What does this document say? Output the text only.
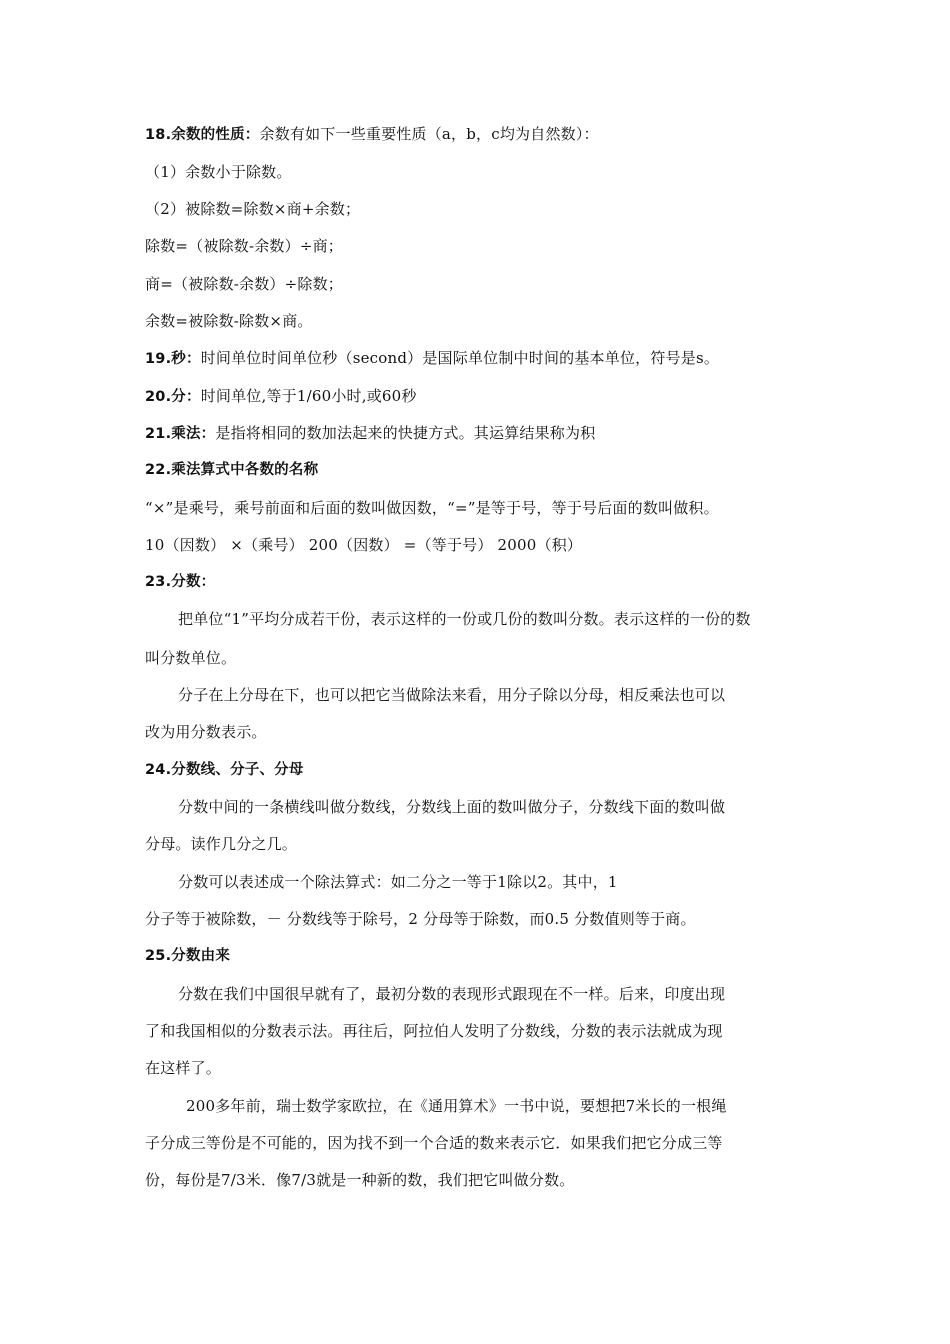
18.余数的性质：余数有如下一些重要性质（a，b，c均为自然数）：
（1）余数小于除数。
（2）被除数=除数×商+余数；
除数=（被除数-余数）÷商；
商=（被除数-余数）÷除数；
余数=被除数-除数×商。
19.秒：时间单位时间单位秒（second）是国际单位制中时间的基本单位，符号是s。
20.分：时间单位,等于1/60小时,或60秒
21.乘法：是指将相同的数加法起来的快捷方式。其运算结果称为积
22.乘法算式中各数的名称
“×”是乘号，乘号前面和后面的数叫做因数，“=”是等于号，等于号后面的数叫做积。
10（因数） ×（乘号） 200（因数） =（等于号） 2000（积）
23.分数：
把单位“1”平均分成若干份，表示这样的一份或几份的数叫分数。表示这样的一份的数
叫分数单位。
分子在上分母在下，也可以把它当做除法来看，用分子除以分母，相反乘法也可以
改为用分数表示。
24.分数线、分子、分母
分数中间的一条横线叫做分数线，分数线上面的数叫做分子，分数线下面的数叫做
分母。读作几分之几。
分数可以表述成一个除法算式：如二分之一等于1除以2。其中，1
分子等于被除数，－ 分数线等于除号，2 分母等于除数，而0.5 分数值则等于商。
25.分数由来
分数在我们中国很早就有了，最初分数的表现形式跟现在不一样。后来，印度出现
了和我国相似的分数表示法。再往后，阿拉伯人发明了分数线，分数的表示法就成为现
在这样了。
200多年前，瑞士数学家欧拉，在《通用算术》一书中说，要想把7米长的一根绳
子分成三等份是不可能的，因为找不到一个合适的数来表示它．如果我们把它分成三等
份，每份是7/3米．像7/3就是一种新的数，我们把它叫做分数。
